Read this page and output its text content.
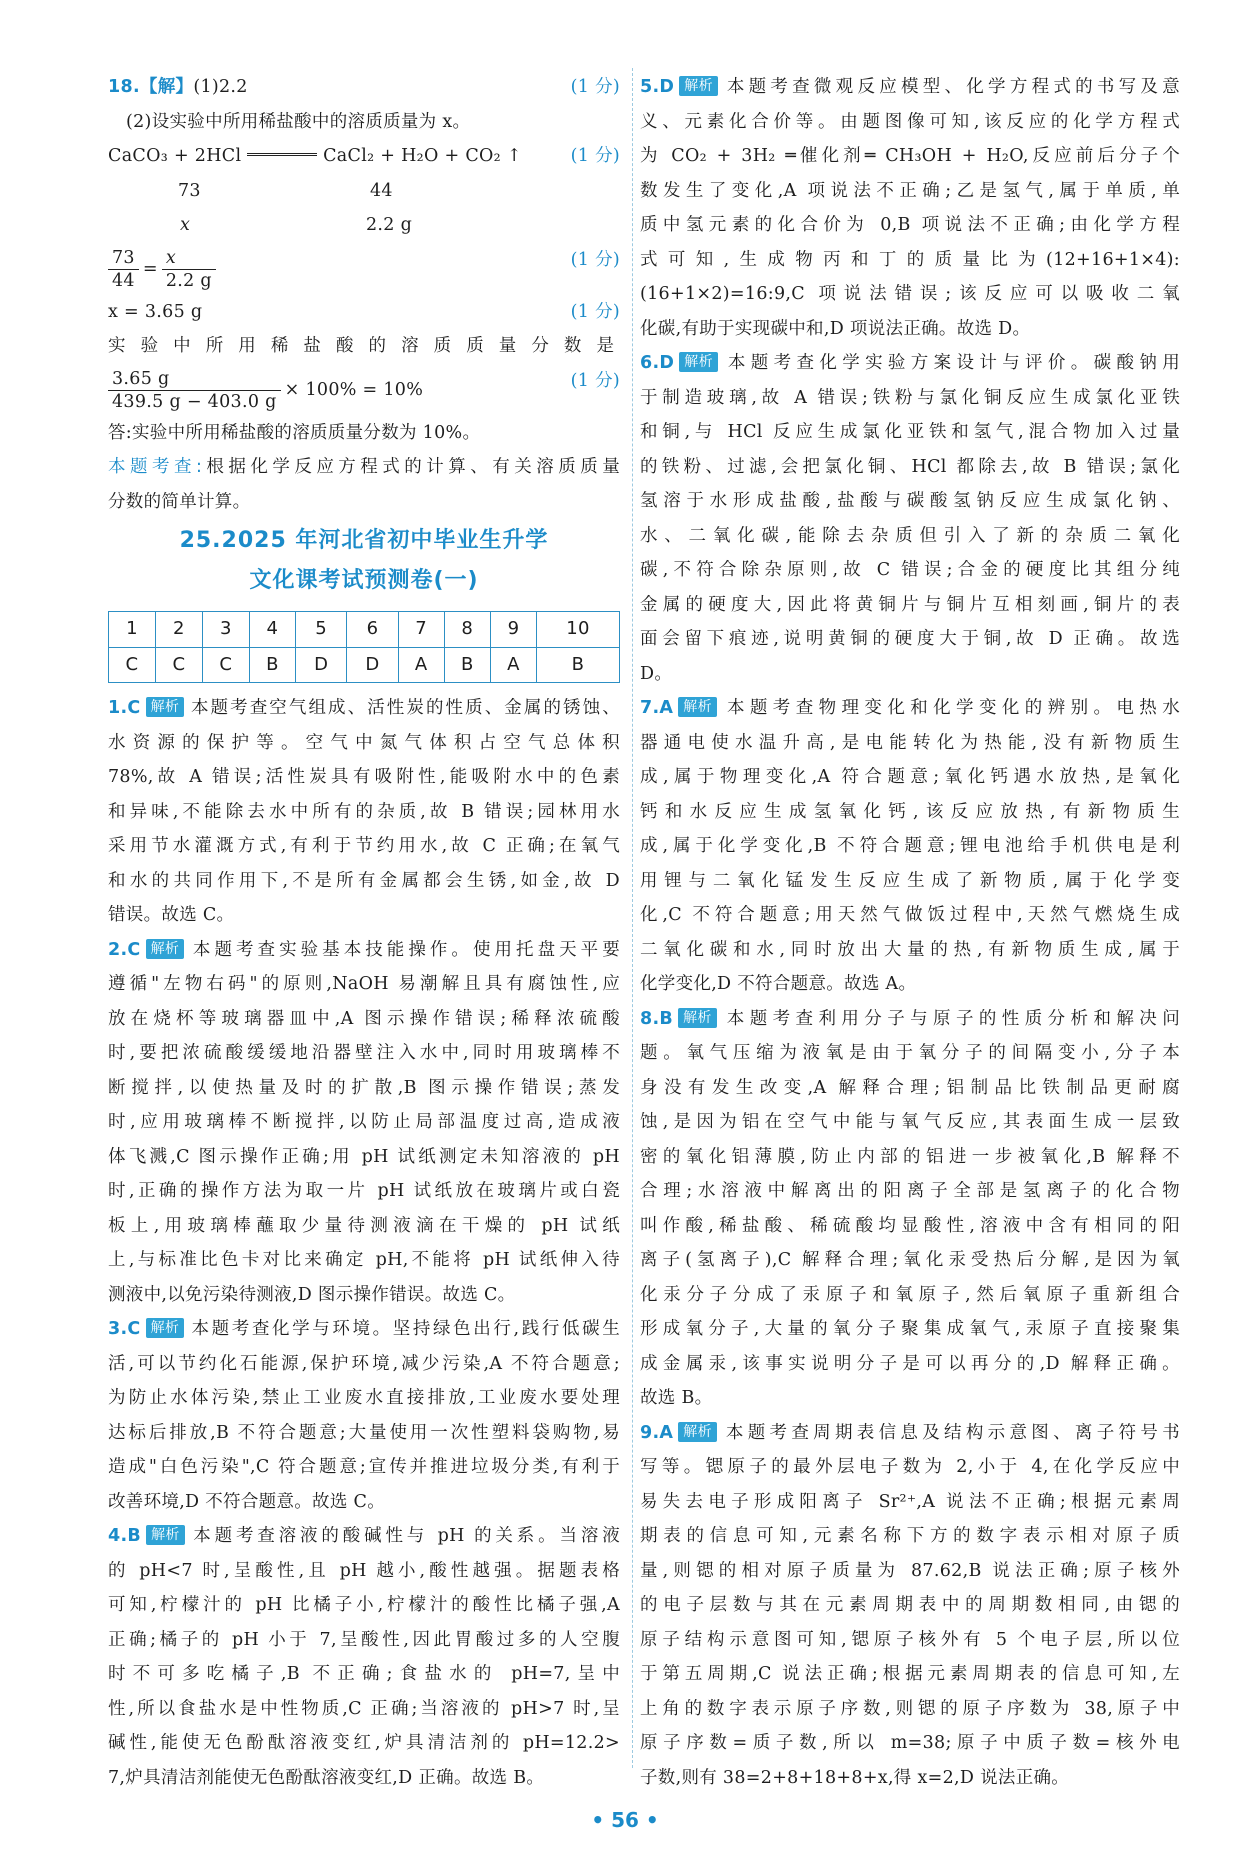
18.【解】(1)2.2	(1 分)
(2)设实验中所用稀盐酸中的溶质质量为 x。
CaCO₃ + 2HCl	CaCl₂ + H₂O + CO₂ ↑	(1 分)
73	44

x	2.2 g

$\frac{73}{44} = \frac{x}{2.2 g}$	(1 分)
x = 3.65 g	(1 分)
实验中所用稀盐酸的溶质质量分数是
$\frac{3.65 g}{439.5 g - 403.0 g} \times 100\% = 10\%$	(1 分)
答:实验中所用稀盐酸的溶质质量分数为 10%。
本题考查:根据化学反应方程式的计算、有关溶质质量
分数的简单计算。
25.2025 年河北省初中毕业生升学
文化课考试预测卷(一)
1	2	3	4	5	6	7	8	9	10
C	C	C	B	D	D	A	B	A	B
1.C 解析 本题考查空气组成、活性炭的性质、金属的锈蚀、
水资源的保护等。空气中氮气体积占空气总体积
78%,故 A 错误;活性炭具有吸附性,能吸附水中的色素
和异味,不能除去水中所有的杂质,故 B 错误;园林用水
采用节水灌溉方式,有利于节约用水,故 C 正确;在氧气
和水的共同作用下,不是所有金属都会生锈,如金,故 D
错误。故选 C。
2.C 解析 本题考查实验基本技能操作。使用托盘天平要
遵循"左物右码"的原则,NaOH 易潮解且具有腐蚀性,应
放在烧杯等玻璃器皿中,A 图示操作错误;稀释浓硫酸
时,要把浓硫酸缓缓地沿器壁注入水中,同时用玻璃棒不
断搅拌,以使热量及时的扩散,B 图示操作错误;蒸发
时,应用玻璃棒不断搅拌,以防止局部温度过高,造成液
体飞溅,C 图示操作正确;用 pH 试纸测定未知溶液的 pH
时,正确的操作方法为取一片 pH 试纸放在玻璃片或白瓷
板上,用玻璃棒蘸取少量待测液滴在干燥的 pH 试纸
上,与标准比色卡对比来确定 pH,不能将 pH 试纸伸入待
测液中,以免污染待测液,D 图示操作错误。故选 C。
3.C 解析 本题考查化学与环境。坚持绿色出行,践行低碳生
活,可以节约化石能源,保护环境,减少污染,A 不符合题意;
为防止水体污染,禁止工业废水直接排放,工业废水要处理
达标后排放,B 不符合题意;大量使用一次性塑料袋购物,易
造成"白色污染",C 符合题意;宣传并推进垃圾分类,有利于
改善环境,D 不符合题意。故选 C。
4.B 解析 本题考查溶液的酸碱性与 pH 的关系。当溶液
的 pH<7 时,呈酸性,且 pH 越小,酸性越强。据题表格
可知,柠檬汁的 pH 比橘子小,柠檬汁的酸性比橘子强,A
正确;橘子的 pH 小于 7,呈酸性,因此胃酸过多的人空腹
时不可多吃橘子,B 不正确;食盐水的 pH=7,呈中
性,所以食盐水是中性物质,C 正确;当溶液的 pH>7 时,呈
碱性,能使无色酚酞溶液变红,炉具清洁剂的 pH=12.2>
7,炉具清洁剂能使无色酚酞溶液变红,D 正确。故选 B。
5.D 解析 本题考查微观反应模型、化学方程式的书写及意
义、元素化合价等。由题图像可知,该反应的化学方程式
为 CO₂ + 3H₂ ═催化剂═ CH₃OH + H₂O,反应前后分子个
数发生了变化,A 项说法不正确;乙是氢气,属于单质,单
质中氢元素的化合价为 0,B 项说法不正确;由化学方程
式可知,生成物丙和丁的质量比为(12+16+1×4):
(16+1×2)=16:9,C 项说法错误;该反应可以吸收二氧
化碳,有助于实现碳中和,D 项说法正确。故选 D。
6.D 解析 本题考查化学实验方案设计与评价。碳酸钠用
于制造玻璃,故 A 错误;铁粉与氯化铜反应生成氯化亚铁
和铜,与 HCl 反应生成氯化亚铁和氢气,混合物加入过量
的铁粉、过滤,会把氯化铜、HCl 都除去,故 B 错误;氯化
氢溶于水形成盐酸,盐酸与碳酸氢钠反应生成氯化钠、
水、二氧化碳,能除去杂质但引入了新的杂质二氧化
碳,不符合除杂原则,故 C 错误;合金的硬度比其组分纯
金属的硬度大,因此将黄铜片与铜片互相刻画,铜片的表
面会留下痕迹,说明黄铜的硬度大于铜,故 D 正确。故选
D。
7.A 解析 本题考查物理变化和化学变化的辨别。电热水
器通电使水温升高,是电能转化为热能,没有新物质生
成,属于物理变化,A 符合题意;氧化钙遇水放热,是氧化
钙和水反应生成氢氧化钙,该反应放热,有新物质生
成,属于化学变化,B 不符合题意;锂电池给手机供电是利
用锂与二氧化锰发生反应生成了新物质,属于化学变
化,C 不符合题意;用天然气做饭过程中,天然气燃烧生成
二氧化碳和水,同时放出大量的热,有新物质生成,属于
化学变化,D 不符合题意。故选 A。
8.B 解析 本题考查利用分子与原子的性质分析和解决问
题。氧气压缩为液氧是由于氧分子的间隔变小,分子本
身没有发生改变,A 解释合理;铝制品比铁制品更耐腐
蚀,是因为铝在空气中能与氧气反应,其表面生成一层致
密的氧化铝薄膜,防止内部的铝进一步被氧化,B 解释不
合理;水溶液中解离出的阳离子全部是氢离子的化合物
叫作酸,稀盐酸、稀硫酸均显酸性,溶液中含有相同的阳
离子(氢离子),C 解释合理;氧化汞受热后分解,是因为氧
化汞分子分成了汞原子和氧原子,然后氧原子重新组合
形成氧分子,大量的氧分子聚集成氧气,汞原子直接聚集
成金属汞,该事实说明分子是可以再分的,D 解释正确。
故选 B。
9.A 解析 本题考查周期表信息及结构示意图、离子符号书
写等。锶原子的最外层电子数为 2,小于 4,在化学反应中
易失去电子形成阳离子 Sr²⁺,A 说法不正确;根据元素周
期表的信息可知,元素名称下方的数字表示相对原子质
量,则锶的相对原子质量为 87.62,B 说法正确;原子核外
的电子层数与其在元素周期表中的周期数相同,由锶的
原子结构示意图可知,锶原子核外有 5 个电子层,所以位
于第五周期,C 说法正确;根据元素周期表的信息可知,左
上角的数字表示原子序数,则锶的原子序数为 38,原子中
原子序数=质子数,所以 m=38;原子中质子数=核外电
子数,则有 38=2+8+18+8+x,得 x=2,D 说法正确。
• 56 •
